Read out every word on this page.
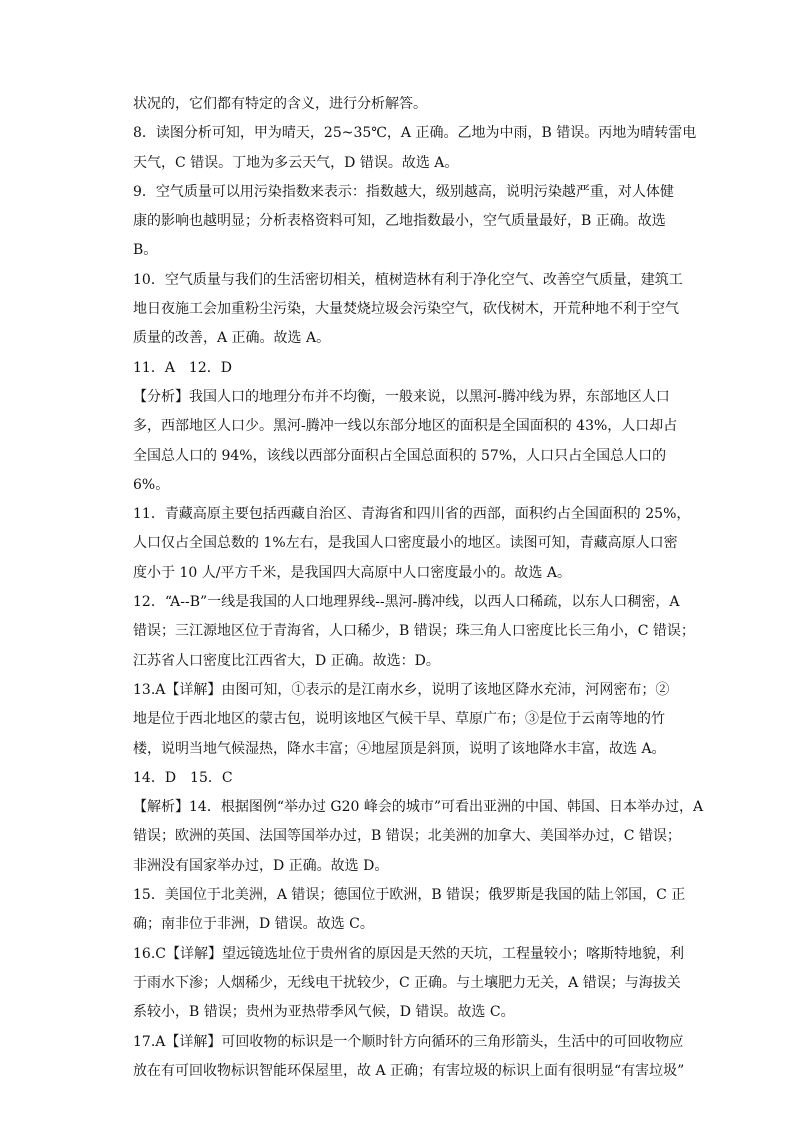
状况的，它们都有特定的含义，进行分析解答。
8．读图分析可知，甲为晴天，25~35℃，A 正确。乙地为中雨，B 错误。丙地为晴转雷电
天气，C 错误。丁地为多云天气，D 错误。故选 A。
9．空气质量可以用污染指数来表示：指数越大，级别越高，说明污染越严重，对人体健
康的影响也越明显；分析表格资料可知，乙地指数最小，空气质量最好，B 正确。故选
B。
10．空气质量与我们的生活密切相关，植树造林有利于净化空气、改善空气质量，建筑工
地日夜施工会加重粉尘污染，大量焚烧垃圾会污染空气，砍伐树木，开荒种地不利于空气
质量的改善，A 正确。故选 A。
11．A　12．D
【分析】我国人口的地理分布并不均衡，一般来说，以黑河-腾冲线为界，东部地区人口
多，西部地区人口少。黑河-腾冲一线以东部分地区的面积是全国面积的 43%，人口却占
全国总人口的 94%，该线以西部分面积占全国总面积的 57%，人口只占全国总人口的
6%。
11．青藏高原主要包括西藏自治区、青海省和四川省的西部，面积约占全国面积的 25%，
人口仅占全国总数的 1%左右，是我国人口密度最小的地区。读图可知，青藏高原人口密
度小于 10 人/平方千米，是我国四大高原中人口密度最小的。故选 A。
12．“A--B”一线是我国的人口地理界线--黑河-腾冲线，以西人口稀疏，以东人口稠密，A
错误；三江源地区位于青海省，人口稀少，B 错误；珠三角人口密度比长三角小，C 错误；
江苏省人口密度比江西省大，D 正确。故选：D。
13.A【详解】由图可知，①表示的是江南水乡，说明了该地区降水充沛，河网密布；②
地是位于西北地区的蒙古包，说明该地区气候干旱、草原广布；③是位于云南等地的竹
楼，说明当地气候湿热，降水丰富；④地屋顶是斜顶，说明了该地降水丰富，故选 A。
14．D　15．C
【解析】14．根据图例“举办过 G20 峰会的城市”可看出亚洲的中国、韩国、日本举办过，A
错误；欧洲的英国、法国等国举办过，B 错误；北美洲的加拿大、美国举办过，C 错误；
非洲没有国家举办过，D 正确。故选 D。
15．美国位于北美洲，A 错误；德国位于欧洲，B 错误；俄罗斯是我国的陆上邻国，C 正
确；南非位于非洲，D 错误。故选 C。
16.C【详解】望远镜选址位于贵州省的原因是天然的天坑，工程量较小；喀斯特地貌，利
于雨水下渗；人烟稀少，无线电干扰较少，C 正确。与土壤肥力无关，A 错误；与海拔关
系较小，B 错误；贵州为亚热带季风气候，D 错误。故选 C。
17.A【详解】可回收物的标识是一个顺时针方向循环的三角形箭头，生活中的可回收物应
放在有可回收物标识智能环保屋里，故 A 正确；有害垃圾的标识上面有很明显“有害垃圾”
